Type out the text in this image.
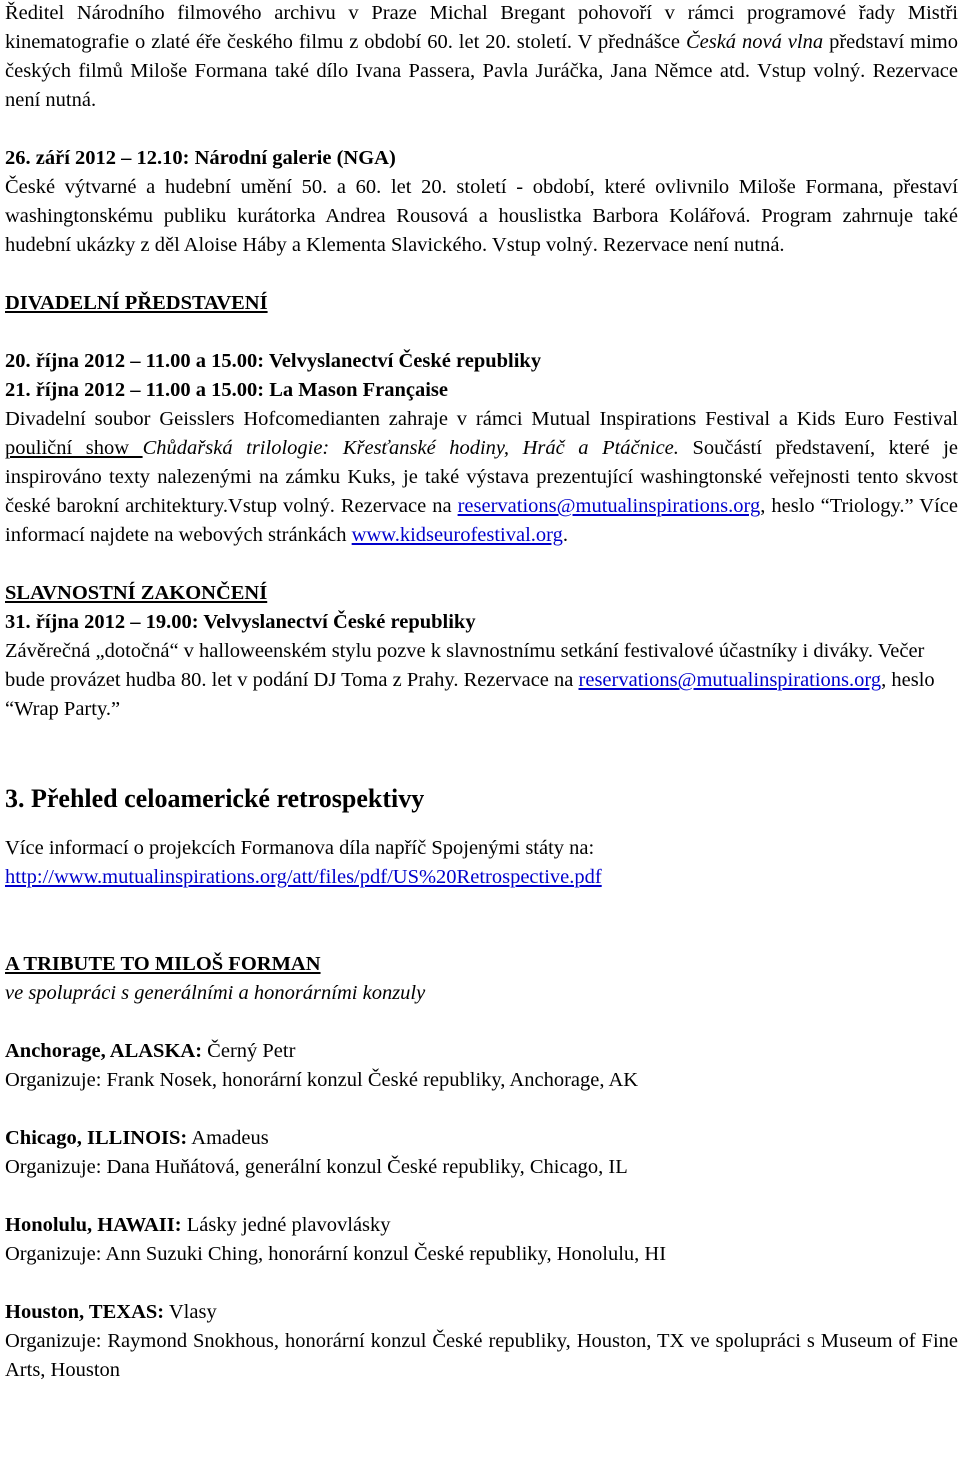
Ředitel Národního filmového archivu v Praze Michal Bregant pohovoří v rámci programové řady Mistři kinematografie o zlaté éře českého filmu z období 60. let 20. století. V přednášce Česká nová vlna představí mimo českých filmů Miloše Formana také dílo Ivana Passera, Pavla Juráčka, Jana Němce atd. Vstup volný. Rezervace není nutná.

26. září 2012 – 12.10: Národní galerie (NGA)

České výtvarné a hudební umění 50. a 60. let 20. století - období, které ovlivnilo Miloše Formana, přestaví washingtonskému publiku kurátorka Andrea Rousová a houslistka Barbora Kolářová. Program zahrnuje také hudební ukázky z děl Aloise Háby a Klementa Slavického. Vstup volný. Rezervace není nutná.

DIVADELNÍ PŘEDSTAVENÍ

20. října 2012 – 11.00 a 15.00: Velvyslanectví České republiky

21. října 2012 – 11.00 a 15.00: La Mason Française

Divadelní soubor Geisslers Hofcomedianten zahraje v rámci Mutual Inspirations Festival a Kids Euro Festival pouliční show Chůdařská trilologie: Křesťanské hodiny, Hráč a Ptáčnice. Součástí představení, které je inspirováno texty nalezenými na zámku Kuks, je také výstava prezentující washingtonské veřejnosti tento skvost české barokní architektury.Vstup volný. Rezervace na reservations@mutualinspirations.org, heslo “Triology.” Více informací najdete na webových stránkách www.kidseurofestival.org.

SLAVNOSTNÍ ZAKONČENÍ

31. října 2012 – 19.00: Velvyslanectví České republiky

Závěrečná „dotočná“ v halloweenském stylu pozve k slavnostnímu setkání festivalové účastníky i diváky. Večer bude provázet hudba 80. let v podání DJ Toma z Prahy. Rezervace na reservations@mutualinspirations.org, heslo “Wrap Party.”

3. Přehled celoamerické retrospektivy

Více informací o projekcích Formanova díla napříč Spojenými státy na:

http://www.mutualinspirations.org/att/files/pdf/US%20Retrospective.pdf

A TRIBUTE TO MILOŠ FORMAN

ve spolupráci s generálními a honorárními konzuly

Anchorage, ALASKA: Černý Petr

Organizuje: Frank Nosek, honorární konzul České republiky, Anchorage, AK

Chicago, ILLINOIS: Amadeus

Organizuje: Dana Huňátová, generální konzul České republiky, Chicago, IL

Honolulu, HAWAII: Lásky jedné plavovlásky

Organizuje: Ann Suzuki Ching, honorární konzul České republiky, Honolulu, HI

Houston, TEXAS: Vlasy

Organizuje: Raymond Snokhous, honorární konzul České republiky, Houston, TX ve spolupráci s Museum of Fine Arts, Houston
